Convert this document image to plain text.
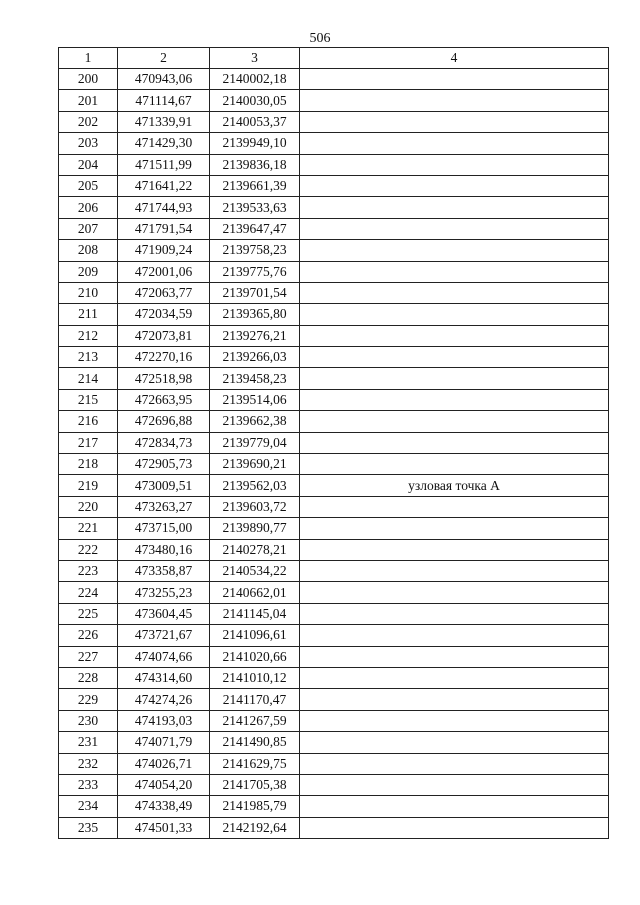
506
1	2	3	4
200	470943,06	2140002,18	
201	471114,67	2140030,05	
202	471339,91	2140053,37	
203	471429,30	2139949,10	
204	471511,99	2139836,18	
205	471641,22	2139661,39	
206	471744,93	2139533,63	
207	471791,54	2139647,47	
208	471909,24	2139758,23	
209	472001,06	2139775,76	
210	472063,77	2139701,54	
211	472034,59	2139365,80	
212	472073,81	2139276,21	
213	472270,16	2139266,03	
214	472518,98	2139458,23	
215	472663,95	2139514,06	
216	472696,88	2139662,38	
217	472834,73	2139779,04	
218	472905,73	2139690,21	
219	473009,51	2139562,03	узловая точка А
220	473263,27	2139603,72	
221	473715,00	2139890,77	
222	473480,16	2140278,21	
223	473358,87	2140534,22	
224	473255,23	2140662,01	
225	473604,45	2141145,04	
226	473721,67	2141096,61	
227	474074,66	2141020,66	
228	474314,60	2141010,12	
229	474274,26	2141170,47	
230	474193,03	2141267,59	
231	474071,79	2141490,85	
232	474026,71	2141629,75	
233	474054,20	2141705,38	
234	474338,49	2141985,79	
235	474501,33	2142192,64	
